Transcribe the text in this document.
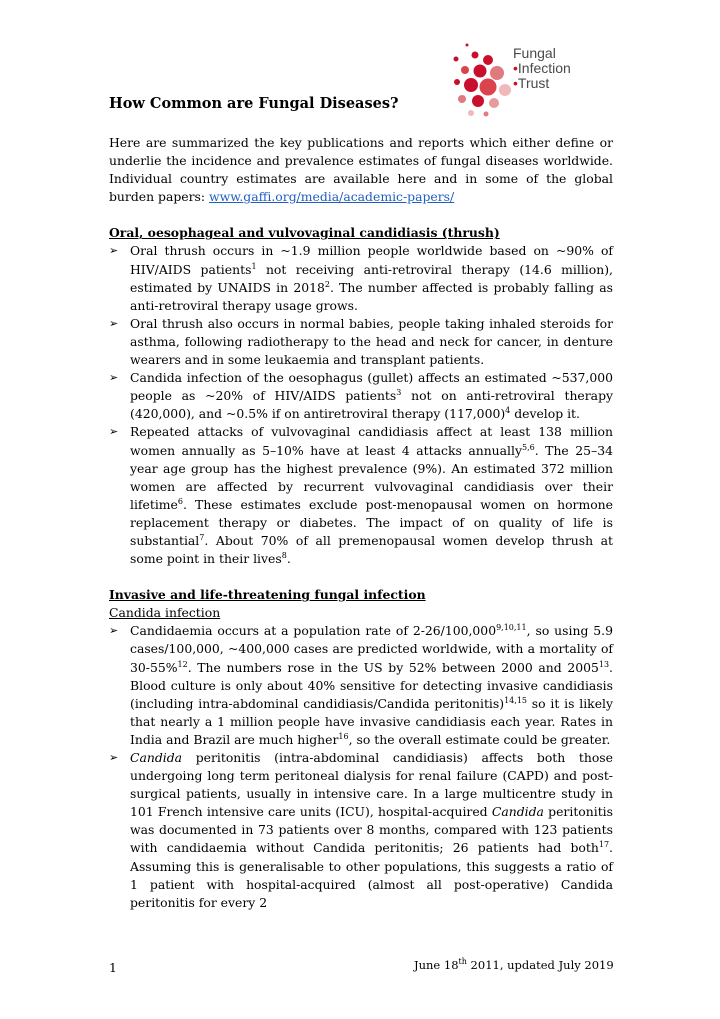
Fungal
•Infection
•Trust
How Common are Fungal Diseases?

Here are summarized the key publications and reports which either define or underlie the incidence and prevalence estimates of fungal diseases worldwide. Individual country estimates are available here and in some of the global burden papers: www.gaffi.org/media/academic-papers/

Oral, oesophageal and vulvovaginal candidiasis (thrush)
➢ Oral thrush occurs in ~1.9 million people worldwide based on ~90% of HIV/AIDS patients$^1$ not receiving anti-retroviral therapy (14.6 million), estimated by UNAIDS in 2018$^2$. The number affected is probably falling as anti-retroviral therapy usage grows.
➢ Oral thrush also occurs in normal babies, people taking inhaled steroids for asthma, following radiotherapy to the head and neck for cancer, in denture wearers and in some leukaemia and transplant patients.
➢ Candida infection of the oesophagus (gullet) affects an estimated ~537,000 people as ~20% of HIV/AIDS patients$^3$ not on anti-retroviral therapy (420,000), and ~0.5% if on antiretroviral therapy $(117,000)^4$ develop it.
➢ Repeated attacks of vulvovaginal candidiasis affect at least 138 million women annually as 5–10% have at least 4 attacks annually$^{5,6}$. The 25–34 year age group has the highest prevalence (9%). An estimated 372 million women are affected by recurrent vulvovaginal candidiasis over their lifetime$^6$. These estimates exclude post-menopausal women on hormone replacement therapy or diabetes. The impact of on quality of life is substantial$^7$. About 70% of all premenopausal women develop thrush at some point in their lives$^8$.
Invasive and life-threatening fungal infection
Candida infection
➢ Candidaemia occurs at a population rate of 2-26/100,000$^{9,10,11}$, so using 5.9 cases/100,000, ~400,000 cases are predicted worldwide, with a mortality of 30-55%$^{12}$. The numbers rose in the US by 52% between 2000 and 2005$^{13}$. Blood culture is only about 40% sensitive for detecting invasive candidiasis (including intra-abdominal candidiasis/Candida peritonitis)$^{14,15}$ so it is likely that nearly a 1 million people have invasive candidiasis each year. Rates in India and Brazil are much higher$^{16}$, so the overall estimate could be greater.
➢ Candida peritonitis (intra-abdominal candidiasis) affects both those undergoing long term peritoneal dialysis for renal failure (CAPD) and post-surgical patients, usually in intensive care. In a large multicentre study in 101 French intensive care units (ICU), hospital-acquired Candida peritonitis was documented in 73 patients over 8 months, compared with 123 patients with candidaemia without Candida peritonitis; 26 patients had both$^{17}$. Assuming this is generalisable to other populations, this suggests a ratio of 1 patient with hospital-acquired (almost all post-operative) Candida peritonitis for every 2
1	June 18th 2011, updated July 2019
